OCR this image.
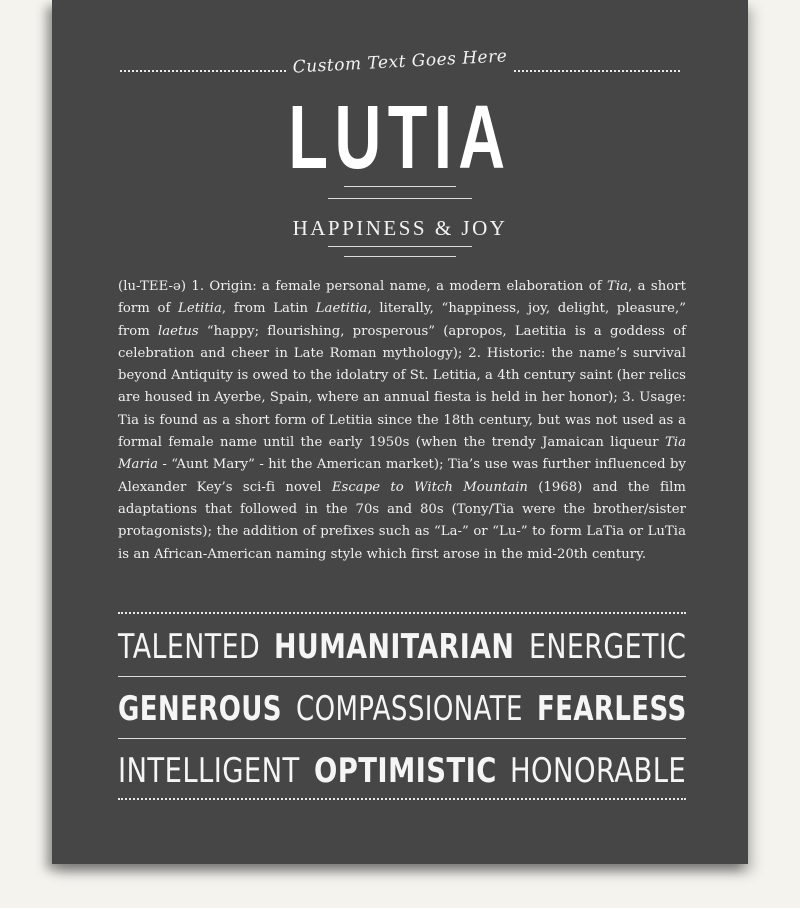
Custom Text Goes Here
LUTIA
HAPPINESS & JOY
(lu-TEE-ə) 1. Origin: a female personal name, a modern elaboration of Tia, a short form of Letitia, from Latin Laetitia, literally, “happiness, joy, delight, pleasure,” from laetus “happy; flourishing, prosperous” (apropos, Laetitia is a goddess of celebration and cheer in Late Roman mythology); 2. Historic: the name’s survival beyond Antiquity is owed to the idolatry of St. Letitia, a 4th century saint (her relics are housed in Ayerbe, Spain, where an annual fiesta is held in her honor); 3. Usage: Tia is found as a short form of Letitia since the 18th century, but was not used as a formal female name until the early 1950s (when the trendy Jamaican liqueur Tia Maria - “Aunt Mary” - hit the American market); Tia’s use was further influenced by Alexander Key’s sci-fi novel Escape to Witch Mountain (1968) and the film adaptations that followed in the 70s and 80s (Tony/Tia were the brother/sister protagonists); the addition of prefixes such as “La-” or “Lu-” to form LaTia or LuTia is an African-American naming style which first arose in the mid-20th century.
TALENTED HUMANITARIAN ENERGETIC
GENEROUS COMPASSIONATE FEARLESS
INTELLIGENT OPTIMISTIC HONORABLE
